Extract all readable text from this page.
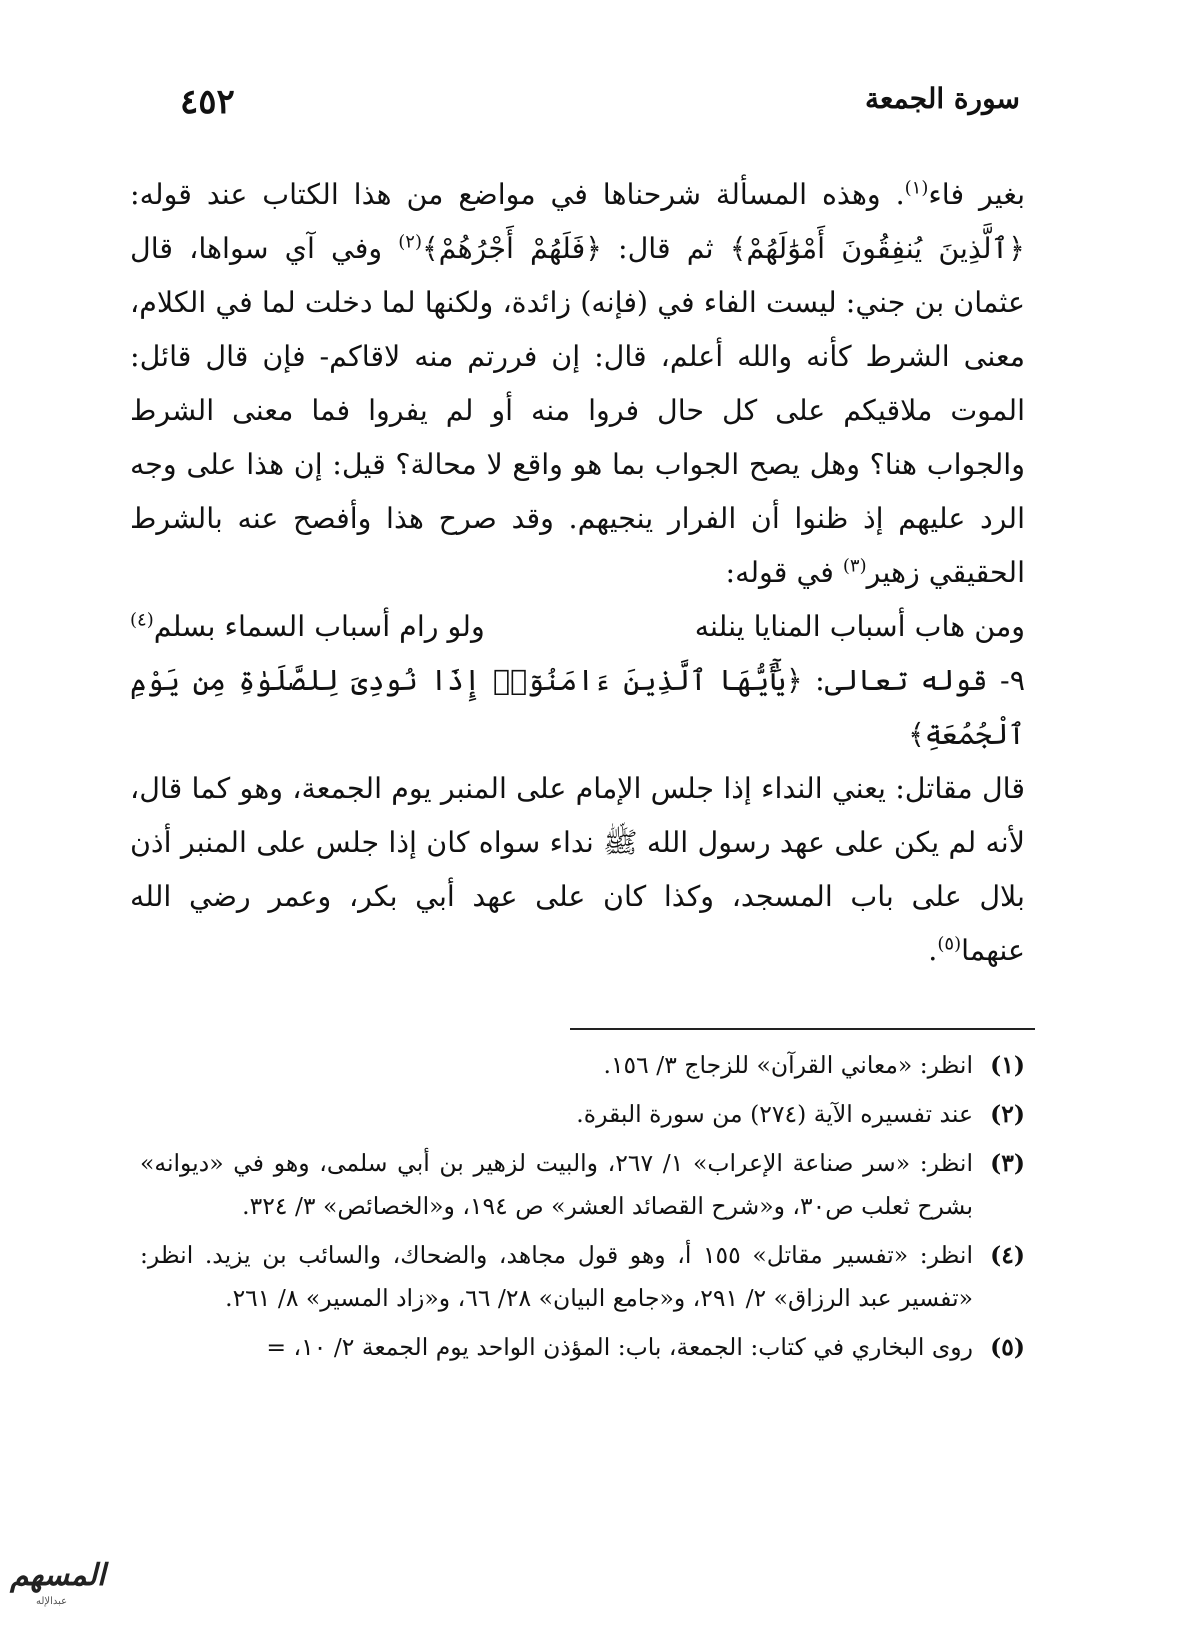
٤٥٢	سورة الجمعة

بغير فاء$^{(١)}$. وهذه المسألة شرحناها في مواضع من هذا الكتاب عند قوله: ﴿ٱلَّذِينَ يُنفِقُونَ أَمْوَٰلَهُمْ﴾ ثم قال: ﴿فَلَهُمْ أَجْرُهُمْ﴾$^{(٢)}$ وفي آي سواها، قال عثمان بن جني: ليست الفاء في (فإنه) زائدة، ولكنها لما دخلت لما في الكلام، معنى الشرط كأنه والله أعلم، قال: إن فررتم منه لاقاكم- فإن قال قائل: الموت ملاقيكم على كل حال فروا منه أو لم يفروا فما معنى الشرط والجواب هنا؟ وهل يصح الجواب بما هو واقع لا محالة؟ قيل: إن هذا على وجه الرد عليهم إذ ظنوا أن الفرار ينجيهم. وقد صرح هذا وأفصح عنه بالشرط الحقيقي زهير$^{(٣)}$ في قوله:

ومن هاب أسباب المنايا ينلنه
ولو رام أسباب السماء بسلم$^{(٤)}$

٩- قوله تعالى: ﴿يَٰٓأَيُّهَا ٱلَّذِينَ ءَامَنُوٓا۟ إِذَا نُودِىَ لِلصَّلَوٰةِ مِن يَوْمِ ٱلْجُمُعَةِ﴾

قال مقاتل: يعني النداء إذا جلس الإمام على المنبر يوم الجمعة، وهو كما قال، لأنه لم يكن على عهد رسول الله ﷺ نداء سواه كان إذا جلس على المنبر أذن بلال على باب المسجد، وكذا كان على عهد أبي بكر، وعمر رضي الله عنهما$^{(٥)}$.

(١)
انظر: «معاني القرآن» للزجاج ٣/ ١٥٦.
(٢)
عند تفسيره الآية (٢٧٤) من سورة البقرة.
(٣)
انظر: «سر صناعة الإعراب» ١/ ٢٦٧، والبيت لزهير بن أبي سلمى، وهو في «ديوانه» بشرح ثعلب ص٣٠، و«شرح القصائد العشر» ص ١٩٤، و«الخصائص» ٣/ ٣٢٤.
(٤)
انظر: «تفسير مقاتل» ١٥٥ أ، وهو قول مجاهد، والضحاك، والسائب بن يزيد. انظر: «تفسير عبد الرزاق» ٢/ ٢٩١، و«جامع البيان» ٢٨/ ٦٦، و«زاد المسير» ٨/ ٢٦١.
(٥)
روى البخاري في كتاب: الجمعة، باب: المؤذن الواحد يوم الجمعة ٢/ ١٠، =
المسهم
عبدالإله
